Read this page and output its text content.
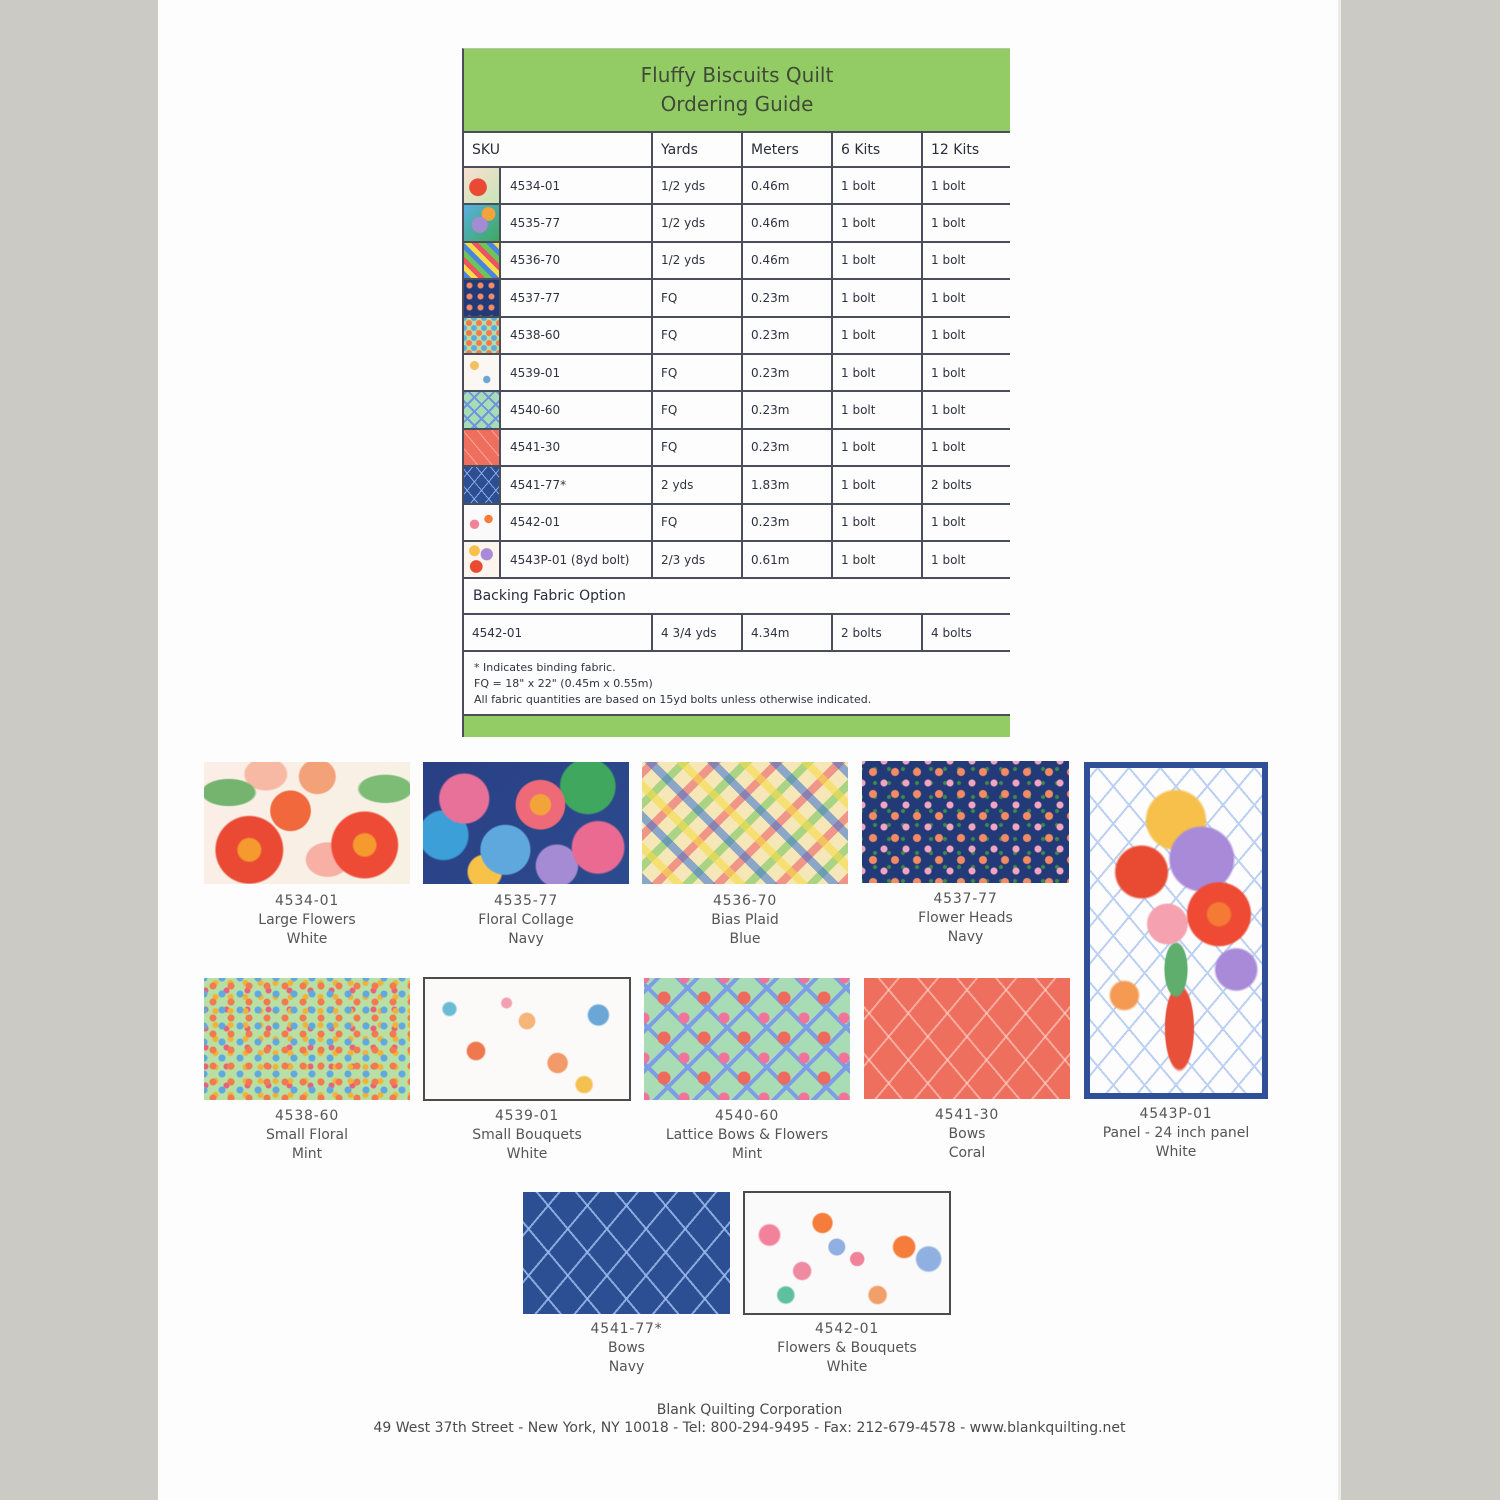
Fluffy Biscuits Quilt
Ordering Guide
SKU	Yards	Meters	6 Kits	12 Kits
4534-01	1/2 yds	0.46m	1 bolt	1 bolt
4535-77	1/2 yds	0.46m	1 bolt	1 bolt
4536-70	1/2 yds	0.46m	1 bolt	1 bolt
4537-77	FQ	0.23m	1 bolt	1 bolt
4538-60	FQ	0.23m	1 bolt	1 bolt
4539-01	FQ	0.23m	1 bolt	1 bolt
4540-60	FQ	0.23m	1 bolt	1 bolt
4541-30	FQ	0.23m	1 bolt	1 bolt
4541-77*	2 yds	1.83m	1 bolt	2 bolts
4542-01	FQ	0.23m	1 bolt	1 bolt
4543P-01 (8yd bolt)	2/3 yds	0.61m	1 bolt	1 bolt
Backing Fabric Option
4542-01	4 3/4 yds	4.34m	2 bolts	4 bolts
* Indicates binding fabric.
FQ = 18" x 22" (0.45m x 0.55m)
All fabric quantities are based on 15yd bolts unless otherwise indicated.
4534-01
Large Flowers
White
4535-77
Floral Collage
Navy
4536-70
Bias Plaid
Blue
4537-77
Flower Heads
Navy
4543P-01
Panel - 24 inch panel
White
4538-60
Small Floral
Mint
4539-01
Small Bouquets
White
4540-60
Lattice Bows & Flowers
Mint
4541-30
Bows
Coral
4541-77*
Bows
Navy
4542-01
Flowers & Bouquets
White
Blank Quilting Corporation
49 West 37th Street - New York, NY 10018 - Tel: 800-294-9495 - Fax: 212-679-4578 - www.blankquilting.net
